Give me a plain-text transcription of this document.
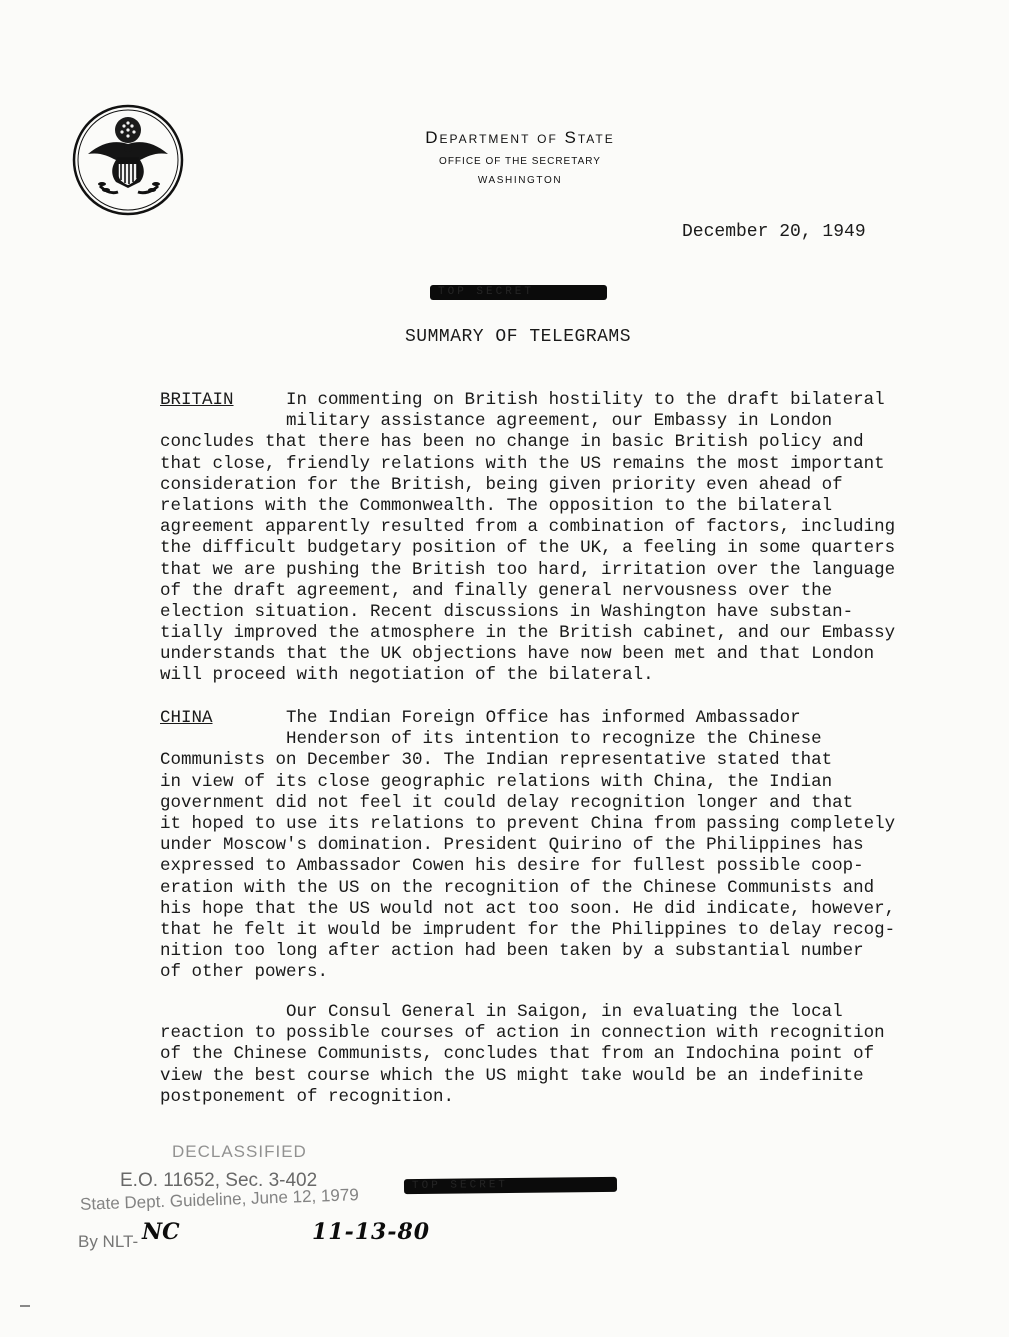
Department of State
OFFICE OF THE SECRETARY
WASHINGTON
December 20, 1949
TOP SECRET
SUMMARY OF TELEGRAMS
BRITAIN	In commenting on British hostility to the draft bilateral
military assistance agreement, our Embassy in London
concludes that there has been no change in basic British policy and
that close, friendly relations with the US remains the most important
consideration for the British, being given priority even ahead of
relations with the Commonwealth. The opposition to the bilateral
agreement apparently resulted from a combination of factors, including
the difficult budgetary position of the UK, a feeling in some quarters
that we are pushing the British too hard, irritation over the language
of the draft agreement, and finally general nervousness over the
election situation. Recent discussions in Washington have substan-
tially improved the atmosphere in the British cabinet, and our Embassy
understands that the UK objections have now been met and that London
will proceed with negotiation of the bilateral.
CHINA	The Indian Foreign Office has informed Ambassador
Henderson of its intention to recognize the Chinese
Communists on December 30. The Indian representative stated that
in view of its close geographic relations with China, the Indian
government did not feel it could delay recognition longer and that
it hoped to use its relations to prevent China from passing completely
under Moscow's domination. President Quirino of the Philippines has
expressed to Ambassador Cowen his desire for fullest possible coop-
eration with the US on the recognition of the Chinese Communists and
his hope that the US would not act too soon. He did indicate, however,
that he felt it would be imprudent for the Philippines to delay recog-
nition too long after action had been taken by a substantial number
of other powers.
Our Consul General in Saigon, in evaluating the local
reaction to possible courses of action in connection with recognition
of the Chinese Communists, concludes that from an Indochina point of
view the best course which the US might take would be an indefinite
postponement of recognition.
TOP SECRET
DECLASSIFIED
E.O. 11652, Sec. 3-402
State Dept. Guideline, June 12, 1979
By NLT- NC	11-13-80
